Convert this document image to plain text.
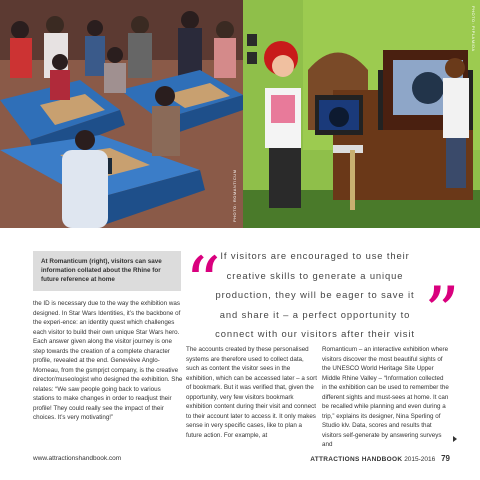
PHOTO: ROMANTICUM
PHOTO: PIPLAMIDA
At Romanticum (right), visitors can save information collated about the Rhine for future reference at home

the ID is necessary due to the way the exhibition was designed. In Star Wars Identities, it’s the backbone of the experi-ence: an identity quest which challenges each visitor to build their own unique Star Wars hero. Each answer given along the visitor journey is one step towards the creation of a complete character profile, revealed at the end. Geneviève Anglo-Morneau, from the gsmprjct company, is the creative director/museologist who designed the exhibition. She relates: “We saw people going back to various stations to make changes in order to readjust their profile! They could really see the impact of their choices. It’s very motivating!”

“ If visitors are encouraged to use their creative skills to generate a unique production, they will be eager to save it and share it – a perfect opportunity to connect with our visitors after their visit ”

The accounts created by these personalised systems are therefore used to collect data, such as content the visitor sees in the exhibition, which can be accessed later – a sort of bookmark. But it was verified that, given the opportunity, very few visitors bookmark exhibition content during their visit and connect to their account later to access it. It only makes sense in very specific cases, like to plan a future action. For example, at

Romanticum – an interactive exhibition where visitors discover the most beautiful sights of the UNESCO World Heritage Site Upper Middle Rhine Valley – “Information collected in the exhibition can be used to remember the different sights and must-sees at home. It can be recalled while planning and even during a trip,” explains its designer, Nina Sperling of Studio klv. Data, scores and results that visitors self-generate by answering surveys and

www.attractionshandbook.com	ATTRACTIONS HANDBOOK 2015-2016 79
